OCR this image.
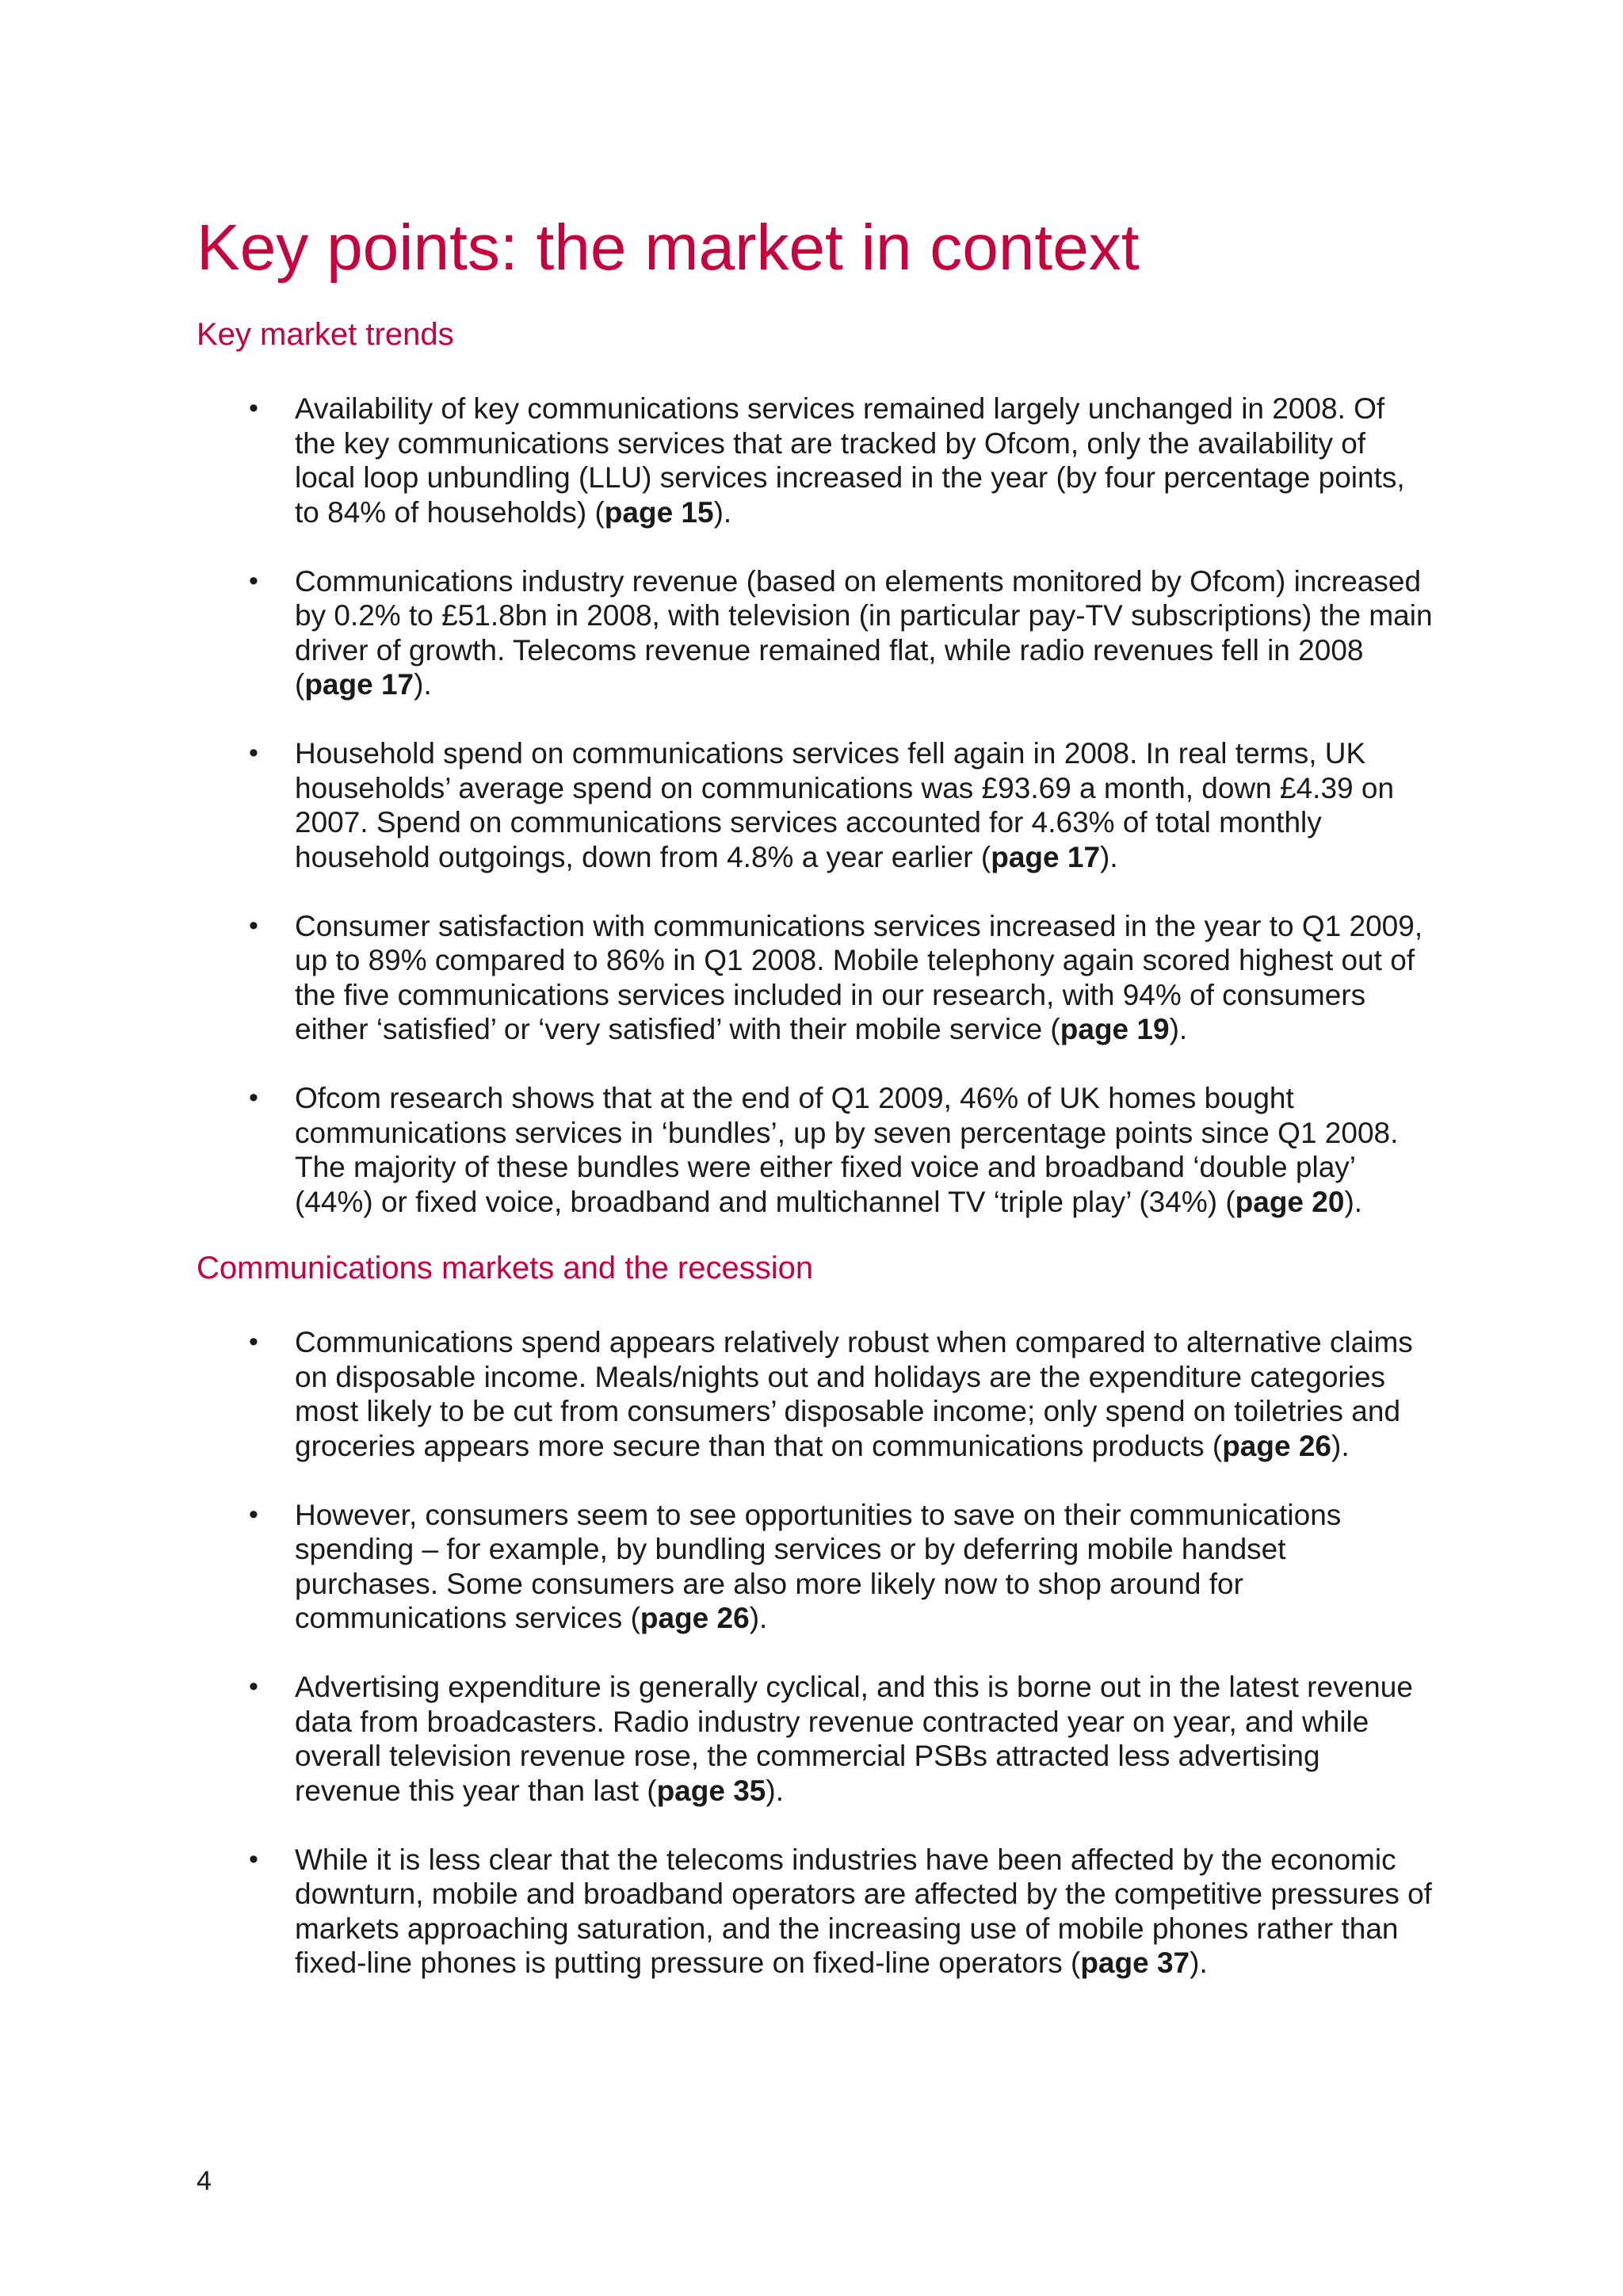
Key points: the market in context
Key market trends
• Availability of key communications services remained largely unchanged in 2008. Of the key communications services that are tracked by Ofcom, only the availability of local loop unbundling (LLU) services increased in the year (by four percentage points, to 84% of households) (page 15).
• Communications industry revenue (based on elements monitored by Ofcom) increased by 0.2% to £51.8bn in 2008, with television (in particular pay-TV subscriptions) the main driver of growth. Telecoms revenue remained flat, while radio revenues fell in 2008 (page 17).
• Household spend on communications services fell again in 2008. In real terms, UK households’ average spend on communications was £93.69 a month, down £4.39 on 2007. Spend on communications services accounted for 4.63% of total monthly household outgoings, down from 4.8% a year earlier (page 17).
• Consumer satisfaction with communications services increased in the year to Q1 2009, up to 89% compared to 86% in Q1 2008. Mobile telephony again scored highest out of the five communications services included in our research, with 94% of consumers either ‘satisfied’ or ‘very satisfied’ with their mobile service (page 19).
• Ofcom research shows that at the end of Q1 2009, 46% of UK homes bought communications services in ‘bundles’, up by seven percentage points since Q1 2008. The majority of these bundles were either fixed voice and broadband ‘double play’ (44%) or fixed voice, broadband and multichannel TV ‘triple play’ (34%) (page 20).
Communications markets and the recession
• Communications spend appears relatively robust when compared to alternative claims on disposable income. Meals/nights out and holidays are the expenditure categories most likely to be cut from consumers’ disposable income; only spend on toiletries and groceries appears more secure than that on communications products (page 26).
• However, consumers seem to see opportunities to save on their communications spending – for example, by bundling services or by deferring mobile handset purchases. Some consumers are also more likely now to shop around for communications services (page 26).
• Advertising expenditure is generally cyclical, and this is borne out in the latest revenue data from broadcasters. Radio industry revenue contracted year on year, and while overall television revenue rose, the commercial PSBs attracted less advertising revenue this year than last (page 35).
• While it is less clear that the telecoms industries have been affected by the economic downturn, mobile and broadband operators are affected by the competitive pressures of markets approaching saturation, and the increasing use of mobile phones rather than fixed-line phones is putting pressure on fixed-line operators (page 37).
4
